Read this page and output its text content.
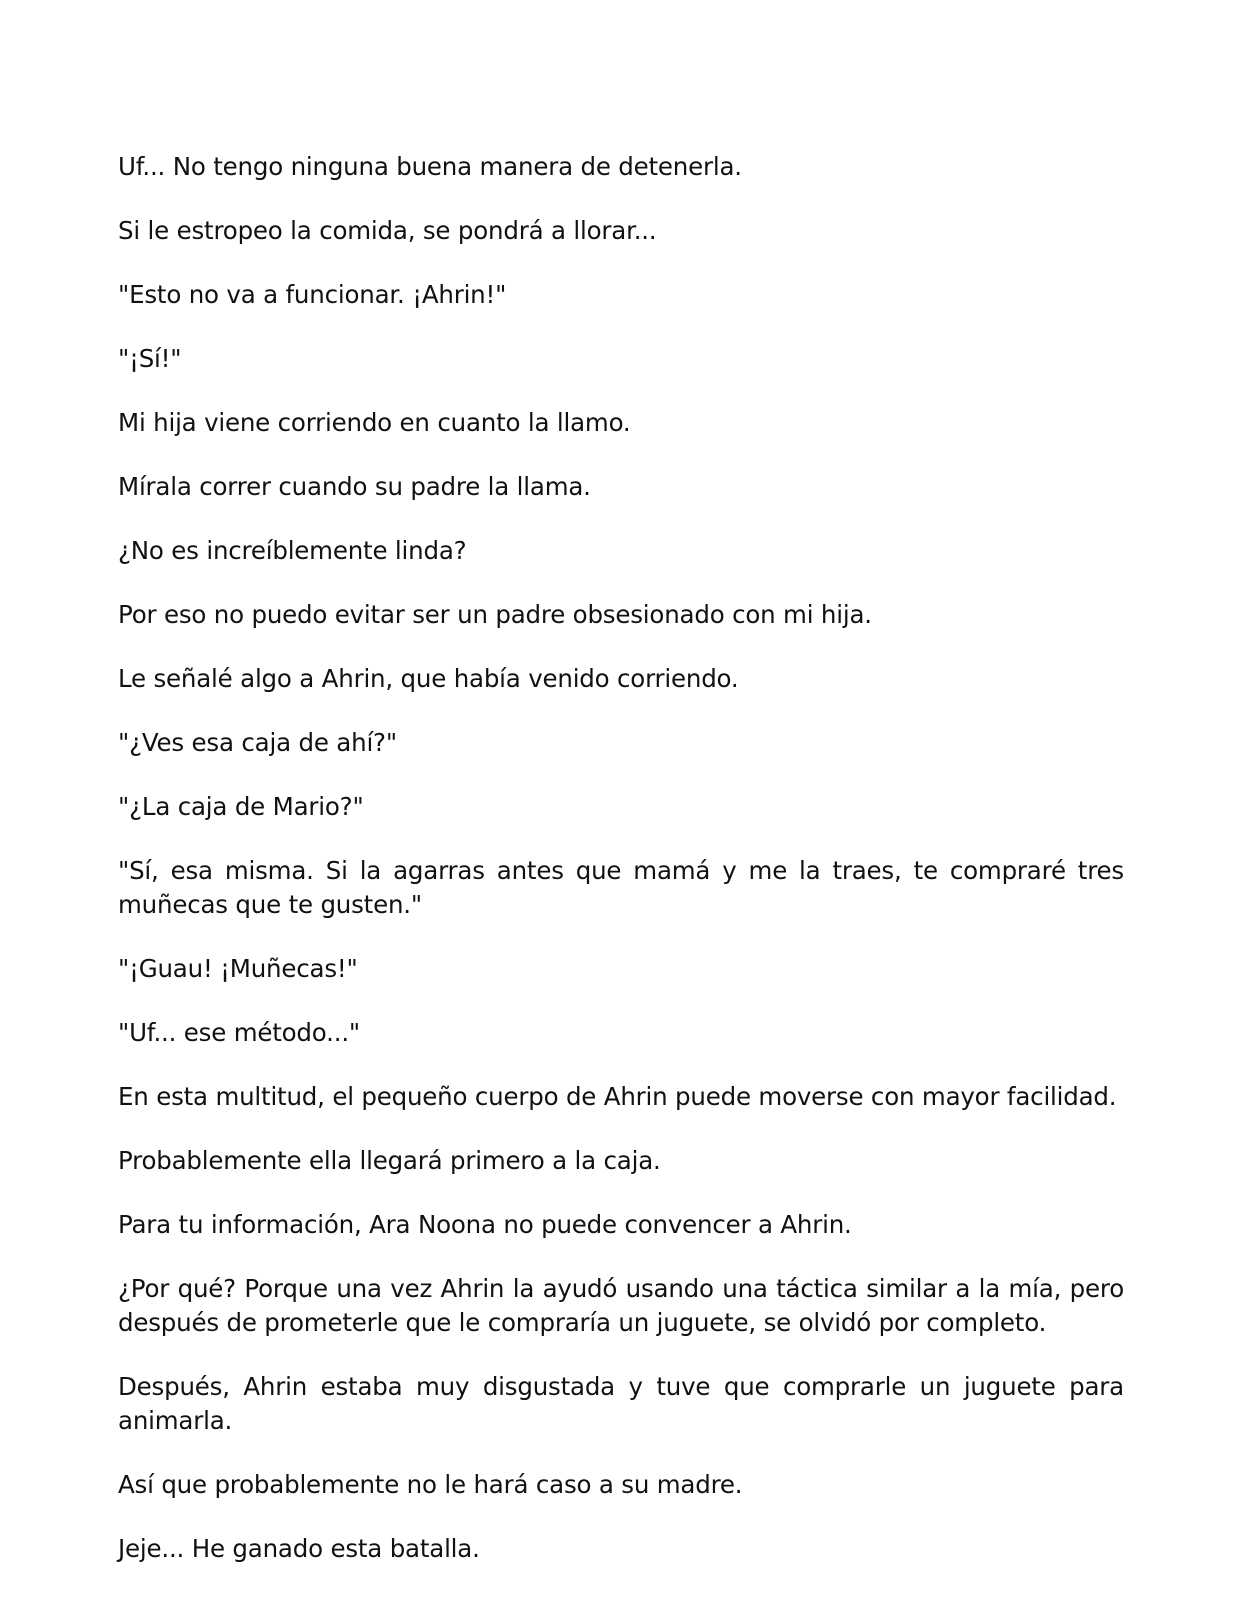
Uf... No tengo ninguna buena manera de detenerla.

Si le estropeo la comida, se pondrá a llorar...

"Esto no va a funcionar. ¡Ahrin!"

"¡Sí!"

Mi hija viene corriendo en cuanto la llamo.

Mírala correr cuando su padre la llama.

¿No es increíblemente linda?

Por eso no puedo evitar ser un padre obsesionado con mi hija.

Le señalé algo a Ahrin, que había venido corriendo.

"¿Ves esa caja de ahí?"

"¿La caja de Mario?"

"Sí, esa misma. Si la agarras antes que mamá y me la traes, te compraré tres muñecas que te gusten."

"¡Guau! ¡Muñecas!"

"Uf... ese método..."

En esta multitud, el pequeño cuerpo de Ahrin puede moverse con mayor facilidad.

Probablemente ella llegará primero a la caja.

Para tu información, Ara Noona no puede convencer a Ahrin.

¿Por qué? Porque una vez Ahrin la ayudó usando una táctica similar a la mía, pero después de prometerle que le compraría un juguete, se olvidó por completo.

Después, Ahrin estaba muy disgustada y tuve que comprarle un juguete para animarla.

Así que probablemente no le hará caso a su madre.

Jeje... He ganado esta batalla.
